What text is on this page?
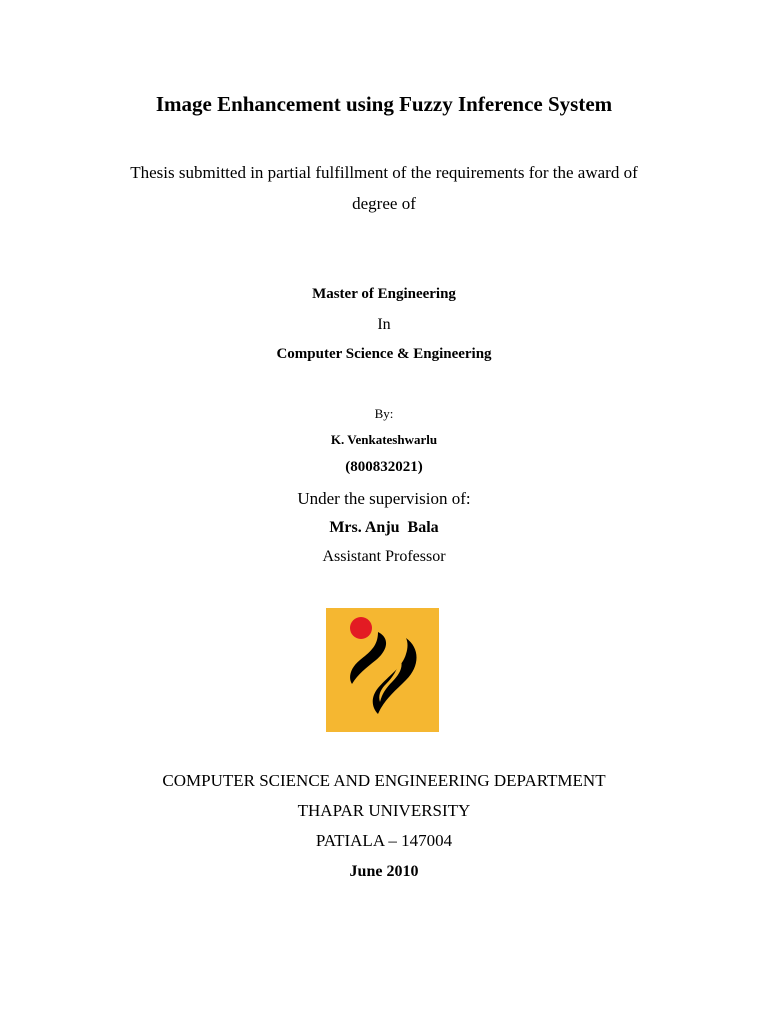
Image Enhancement using Fuzzy Inference System
Thesis submitted in partial fulfillment of the requirements for the award of
degree of
Master of Engineering
In
Computer Science & Engineering
By:
K. Venkateshwarlu
(800832021)
Under the supervision of:
Mrs. Anju  Bala
Assistant Professor
COMPUTER SCIENCE AND ENGINEERING DEPARTMENT
THAPAR UNIVERSITY
PATIALA – 147004
June 2010
